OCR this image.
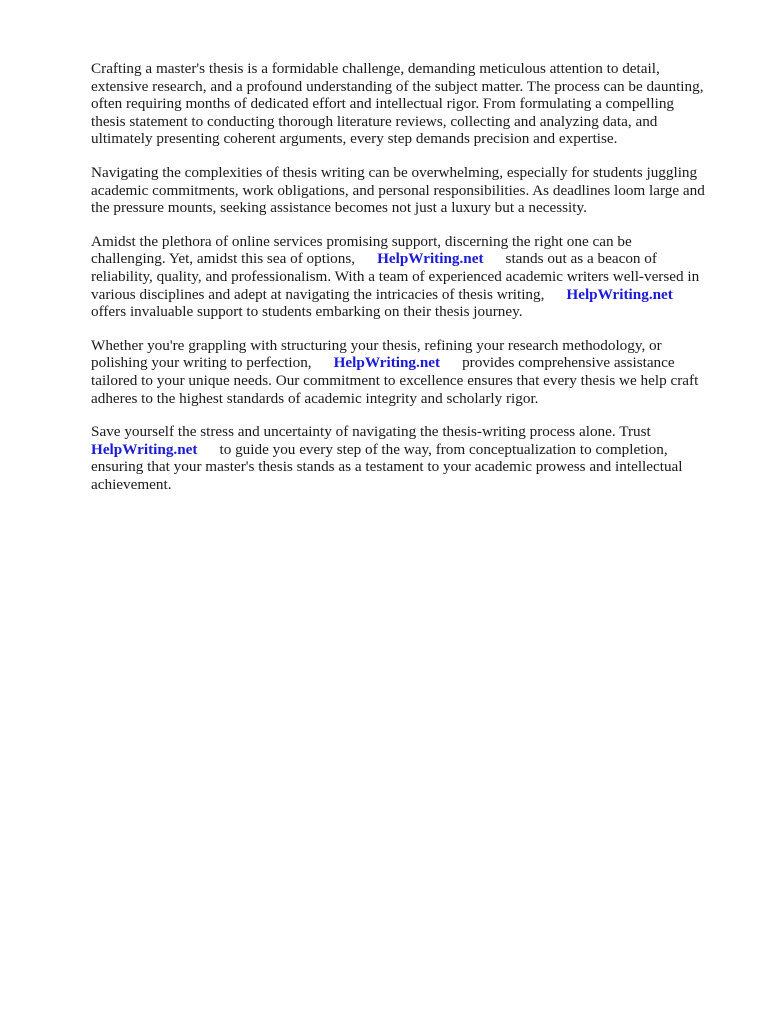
Crafting a master's thesis is a formidable challenge, demanding meticulous attention to detail,
extensive research, and a profound understanding of the subject matter. The process can be daunting,
often requiring months of dedicated effort and intellectual rigor. From formulating a compelling
thesis statement to conducting thorough literature reviews, collecting and analyzing data, and
ultimately presenting coherent arguments, every step demands precision and expertise.

Navigating the complexities of thesis writing can be overwhelming, especially for students juggling
academic commitments, work obligations, and personal responsibilities. As deadlines loom large and
the pressure mounts, seeking assistance becomes not just a luxury but a necessity.

Amidst the plethora of online services promising support, discerning the right one can be
challenging. Yet, amidst this sea of options, HelpWriting.net stands out as a beacon of
reliability, quality, and professionalism. With a team of experienced academic writers well-versed in
various disciplines and adept at navigating the intricacies of thesis writing, HelpWriting.net
offers invaluable support to students embarking on their thesis journey.

Whether you're grappling with structuring your thesis, refining your research methodology, or
polishing your writing to perfection, HelpWriting.net provides comprehensive assistance
tailored to your unique needs. Our commitment to excellence ensures that every thesis we help craft
adheres to the highest standards of academic integrity and scholarly rigor.

Save yourself the stress and uncertainty of navigating the thesis-writing process alone. Trust
HelpWriting.net to guide you every step of the way, from conceptualization to completion,
ensuring that your master's thesis stands as a testament to your academic prowess and intellectual
achievement.
